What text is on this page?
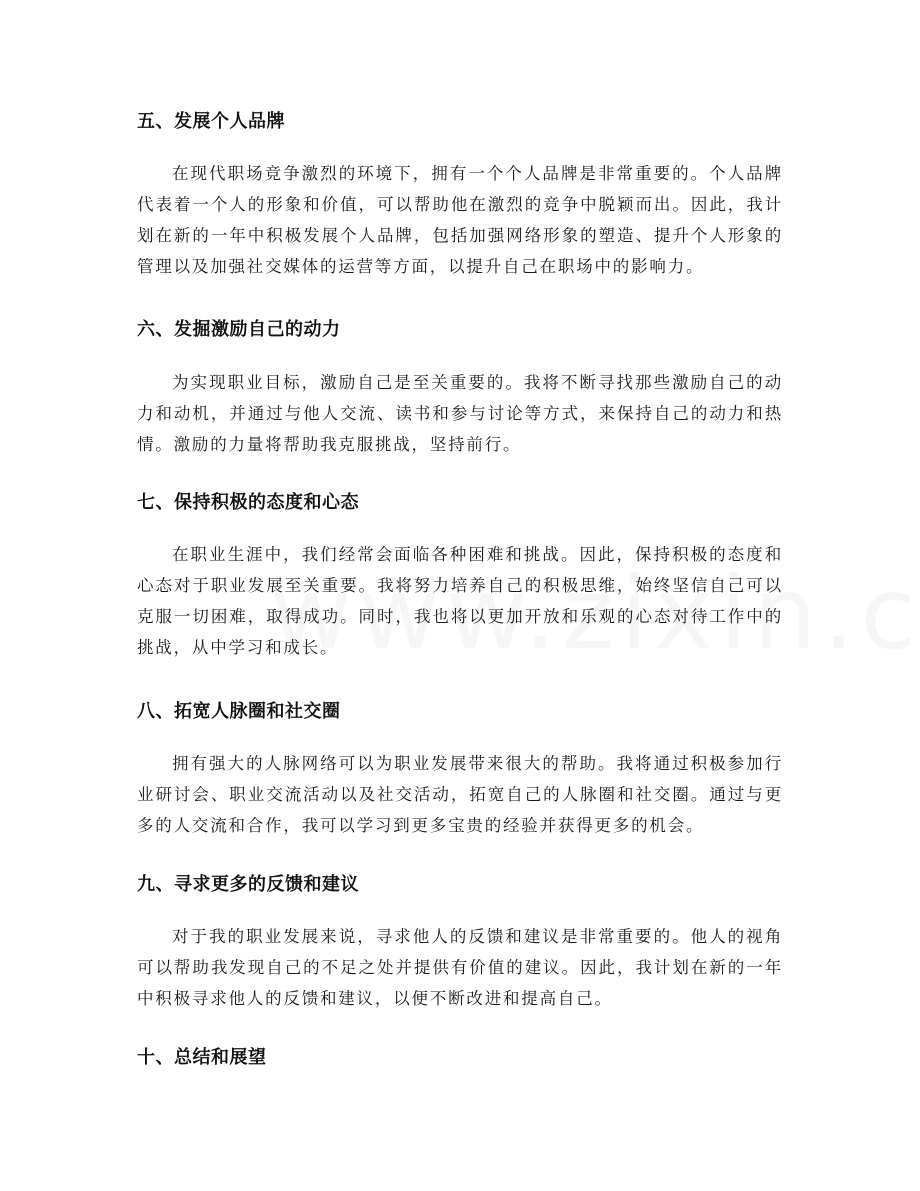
五、发展个人品牌
在现代职场竞争激烈的环境下，拥有一个个人品牌是非常重要的。个人品牌代表着一个人的形象和价值，可以帮助他在激烈的竞争中脱颖而出。因此，我计划在新的一年中积极发展个人品牌，包括加强网络形象的塑造、提升个人形象的管理以及加强社交媒体的运营等方面，以提升自己在职场中的影响力。
六、发掘激励自己的动力
为实现职业目标，激励自己是至关重要的。我将不断寻找那些激励自己的动力和动机，并通过与他人交流、读书和参与讨论等方式，来保持自己的动力和热情。激励的力量将帮助我克服挑战，坚持前行。
七、保持积极的态度和心态
在职业生涯中，我们经常会面临各种困难和挑战。因此，保持积极的态度和心态对于职业发展至关重要。我将努力培养自己的积极思维，始终坚信自己可以克服一切困难，取得成功。同时，我也将以更加开放和乐观的心态对待工作中的挑战，从中学习和成长。
八、拓宽人脉圈和社交圈
拥有强大的人脉网络可以为职业发展带来很大的帮助。我将通过积极参加行业研讨会、职业交流活动以及社交活动，拓宽自己的人脉圈和社交圈。通过与更多的人交流和合作，我可以学习到更多宝贵的经验并获得更多的机会。
九、寻求更多的反馈和建议
对于我的职业发展来说，寻求他人的反馈和建议是非常重要的。他人的视角可以帮助我发现自己的不足之处并提供有价值的建议。因此，我计划在新的一年中积极寻求他人的反馈和建议，以便不断改进和提高自己。
十、总结和展望
